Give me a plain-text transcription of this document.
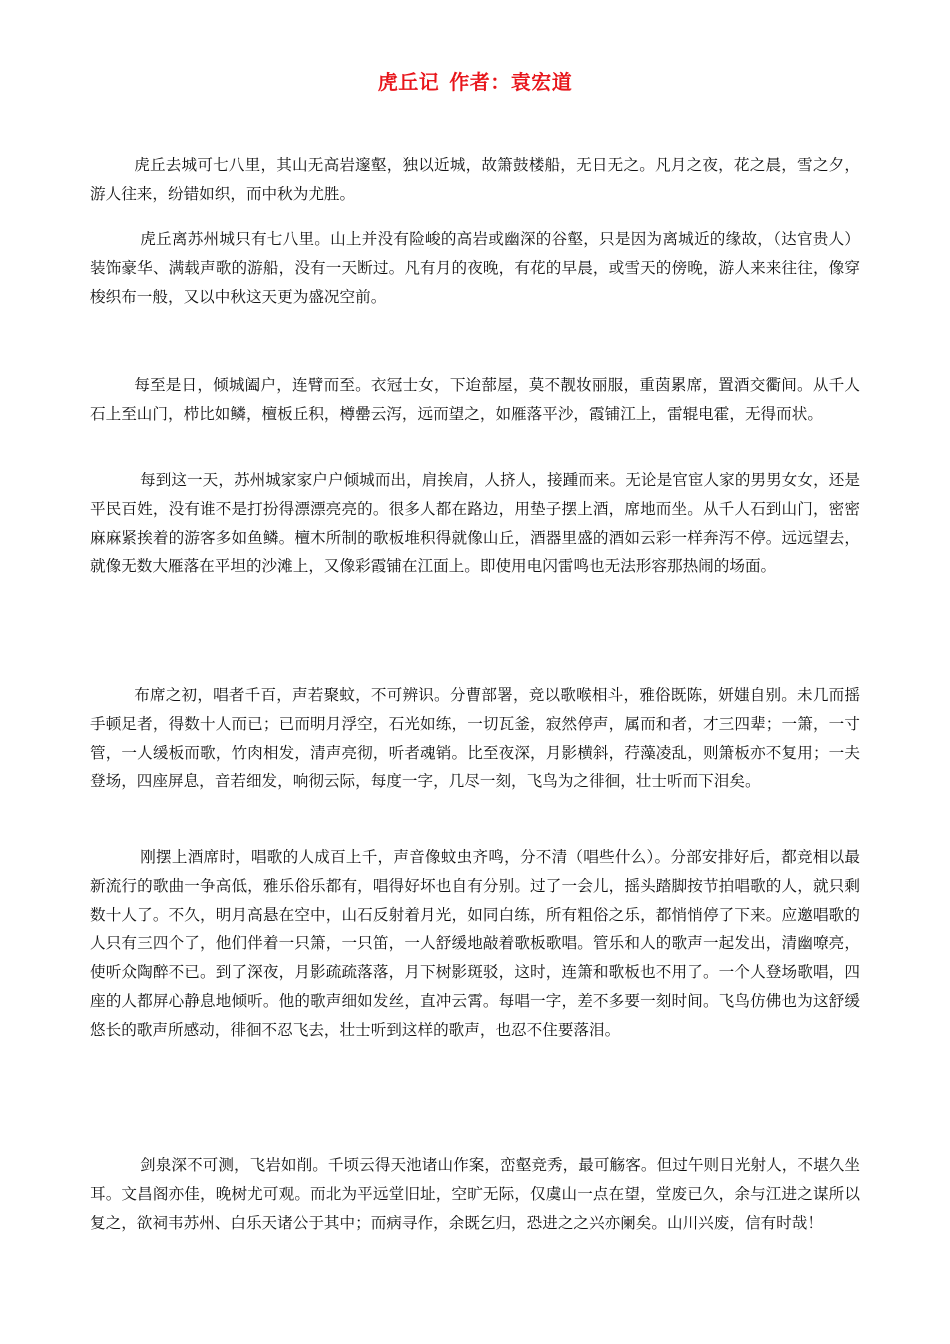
虎丘记 作者：袁宏道

虎丘去城可七八里，其山无高岩邃壑，独以近城，故箫鼓楼船，无日无之。凡月之夜，花之晨，雪之夕，游人往来，纷错如织，而中秋为尤胜。

虎丘离苏州城只有七八里。山上并没有险峻的高岩或幽深的谷壑，只是因为离城近的缘故，（达官贵人）装饰豪华、满载声歌的游船，没有一天断过。凡有月的夜晚，有花的早晨，或雪天的傍晚，游人来来往往，像穿梭织布一般，又以中秋这天更为盛况空前。

每至是日，倾城阖户，连臂而至。衣冠士女，下迨蔀屋，莫不靓妆丽服，重茵累席，置酒交衢间。从千人石上至山门，栉比如鳞，檀板丘积，樽罍云泻，远而望之，如雁落平沙，霞铺江上，雷辊电霍，无得而状。

每到这一天，苏州城家家户户倾城而出，肩挨肩，人挤人，接踵而来。无论是官宦人家的男男女女，还是平民百姓，没有谁不是打扮得漂漂亮亮的。很多人都在路边，用垫子摆上酒，席地而坐。从千人石到山门，密密麻麻紧挨着的游客多如鱼鳞。檀木所制的歌板堆积得就像山丘，酒器里盛的酒如云彩一样奔泻不停。远远望去，就像无数大雁落在平坦的沙滩上，又像彩霞铺在江面上。即使用电闪雷鸣也无法形容那热闹的场面。

布席之初，唱者千百，声若聚蚊，不可辨识。分曹部署，竞以歌喉相斗，雅俗既陈，妍媸自别。未几而摇手顿足者，得数十人而已；已而明月浮空，石光如练，一切瓦釜，寂然停声，属而和者，才三四辈；一箫，一寸管，一人缓板而歌，竹肉相发，清声亮彻，听者魂销。比至夜深，月影横斜，荇藻凌乱，则箫板亦不复用；一夫登场，四座屏息，音若细发，响彻云际，每度一字，几尽一刻，飞鸟为之徘徊，壮士听而下泪矣。

刚摆上酒席时，唱歌的人成百上千，声音像蚊虫齐鸣，分不清（唱些什么）。分部安排好后，都竞相以最新流行的歌曲一争高低，雅乐俗乐都有，唱得好坏也自有分别。过了一会儿，摇头踏脚按节拍唱歌的人，就只剩数十人了。不久，明月高悬在空中，山石反射着月光，如同白练，所有粗俗之乐，都悄悄停了下来。应邀唱歌的人只有三四个了，他们伴着一只箫，一只笛，一人舒缓地敲着歌板歌唱。管乐和人的歌声一起发出，清幽嘹亮，使听众陶醉不已。到了深夜，月影疏疏落落，月下树影斑驳，这时，连箫和歌板也不用了。一个人登场歌唱，四座的人都屏心静息地倾听。他的歌声细如发丝，直冲云霄。每唱一字，差不多要一刻时间。飞鸟仿佛也为这舒缓悠长的歌声所感动，徘徊不忍飞去，壮士听到这样的歌声，也忍不住要落泪。

剑泉深不可测，飞岩如削。千顷云得天池诸山作案，峦壑竞秀，最可觞客。但过午则日光射人，不堪久坐耳。文昌阁亦佳，晚树尤可观。而北为平远堂旧址，空旷无际，仅虞山一点在望，堂废已久，余与江进之谋所以复之，欲祠韦苏州、白乐天诸公于其中；而病寻作，余既乞归，恐进之之兴亦阑矣。山川兴废，信有时哉！
